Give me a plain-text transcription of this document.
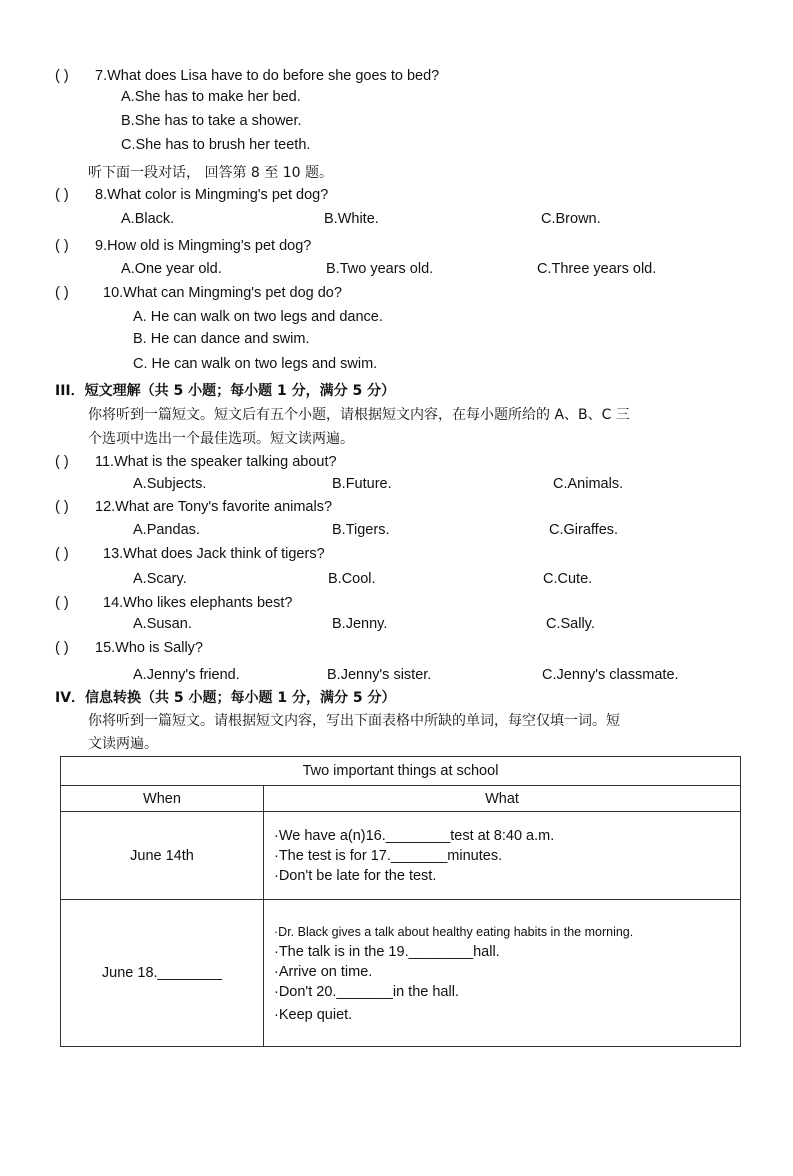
( ) 7.What does Lisa have to do before she goes to bed?
A.She has to make her bed.
B.She has to take a shower.
C.She has to brush her teeth.
听下面一段对话， 回答第 8 至 10 题。
( ) 8.What color is Mingming's pet dog?
A.Black.	B.White.	C.Brown.
( ) 9.How old is Mingming's pet dog?
A.One year old.	B.Two years old.	C.Three years old.
( ) 10.What can Mingming's pet dog do?
A. He can walk on two legs and dance.
B. He can dance and swim.
C. He can walk on two legs and swim.
III．短文理解（共 5 小题；每小题 1 分，满分 5 分）
你将听到一篇短文。短文后有五个小题，请根据短文内容，在每小题所给的 A、B、C 三
个选项中选出一个最佳选项。短文读两遍。
( ) 11.What is the speaker talking about?
A.Subjects.	B.Future.	C.Animals.
( ) 12.What are Tony's favorite animals?
A.Pandas.	B.Tigers.	C.Giraffes.
( ) 13.What does Jack think of tigers?
A.Scary.	B.Cool.	C.Cute.
( ) 14.Who likes elephants best?
A.Susan.	B.Jenny.	C.Sally.
( ) 15.Who is Sally?
A.Jenny's friend.	B.Jenny's sister.	C.Jenny's classmate.
IV．信息转换（共 5 小题；每小题 1 分，满分 5 分）
你将听到一篇短文。请根据短文内容，写出下面表格中所缺的单词，每空仅填一词。短
文读两遍。
Two important things at school	
When	What
June 14th	·We have a(n)16.________test at 8:40 a.m.
·The test is for 17._______minutes.
·Don't be late for the test.

June 18.________	·Dr. Black gives a talk about healthy eating habits in the morning.
·The talk is in the 19.________hall.
·Arrive on time.
·Don't 20._______in the hall.
·Keep quiet.
